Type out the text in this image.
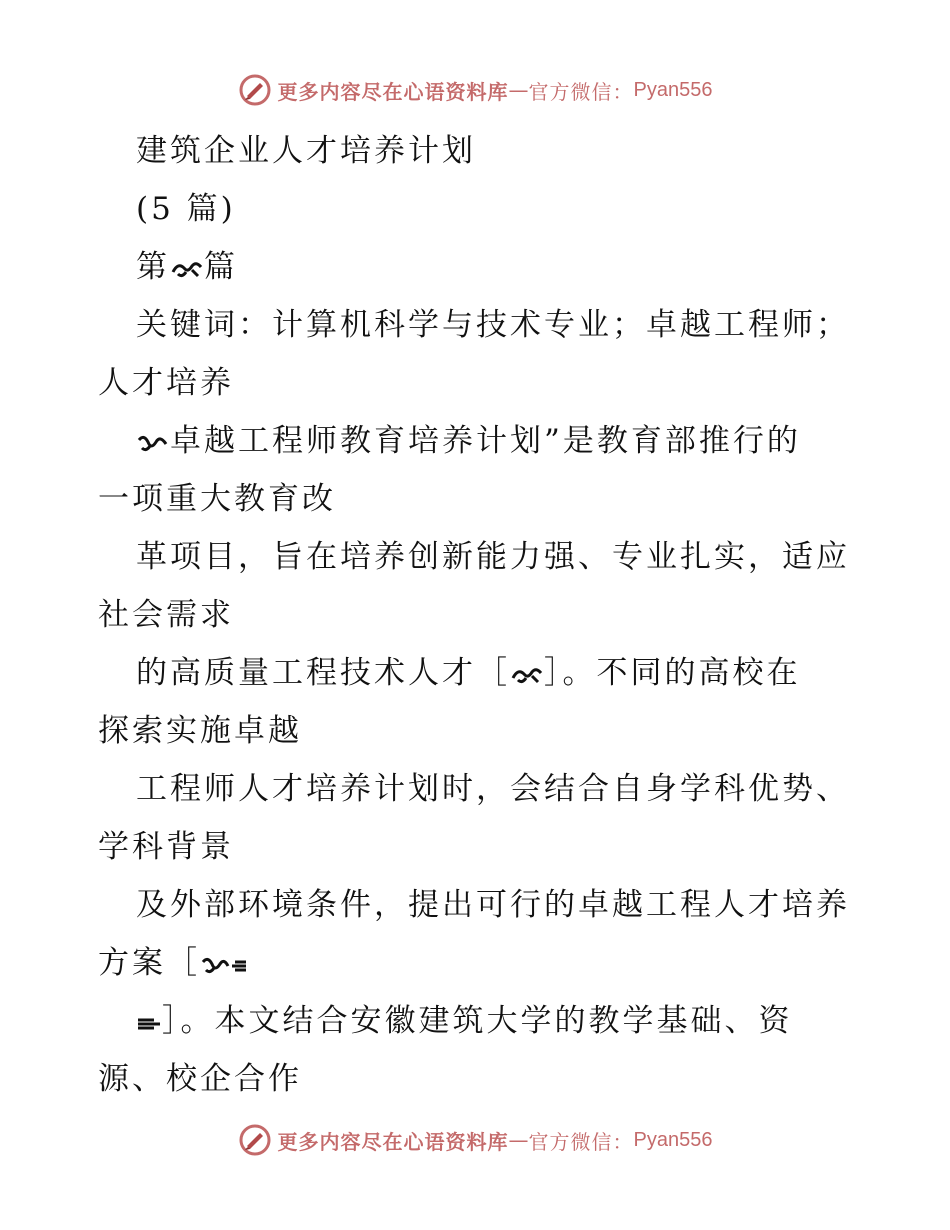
更多内容尽在心语资料库 — 官方微信： Pyan556
建筑企业人才培养计划
(5 篇)
第 篇
关键词：计算机科学与技术专业；卓越工程师；
人才培养
卓越工程师教育培养计划”是教育部推行的
一项重大教育改
革项目，旨在培养创新能力强、专业扎实，适应
社会需求
的高质量工程技术人才［ ］。不同的高校在
探索实施卓越
工程师人才培养计划时，会结合自身学科优势、
学科背景
及外部环境条件，提出可行的卓越工程人才培养
方案［
］。本文结合安徽建筑大学的教学基础、资
源、校企合作
更多内容尽在心语资料库 — 官方微信： Pyan556
